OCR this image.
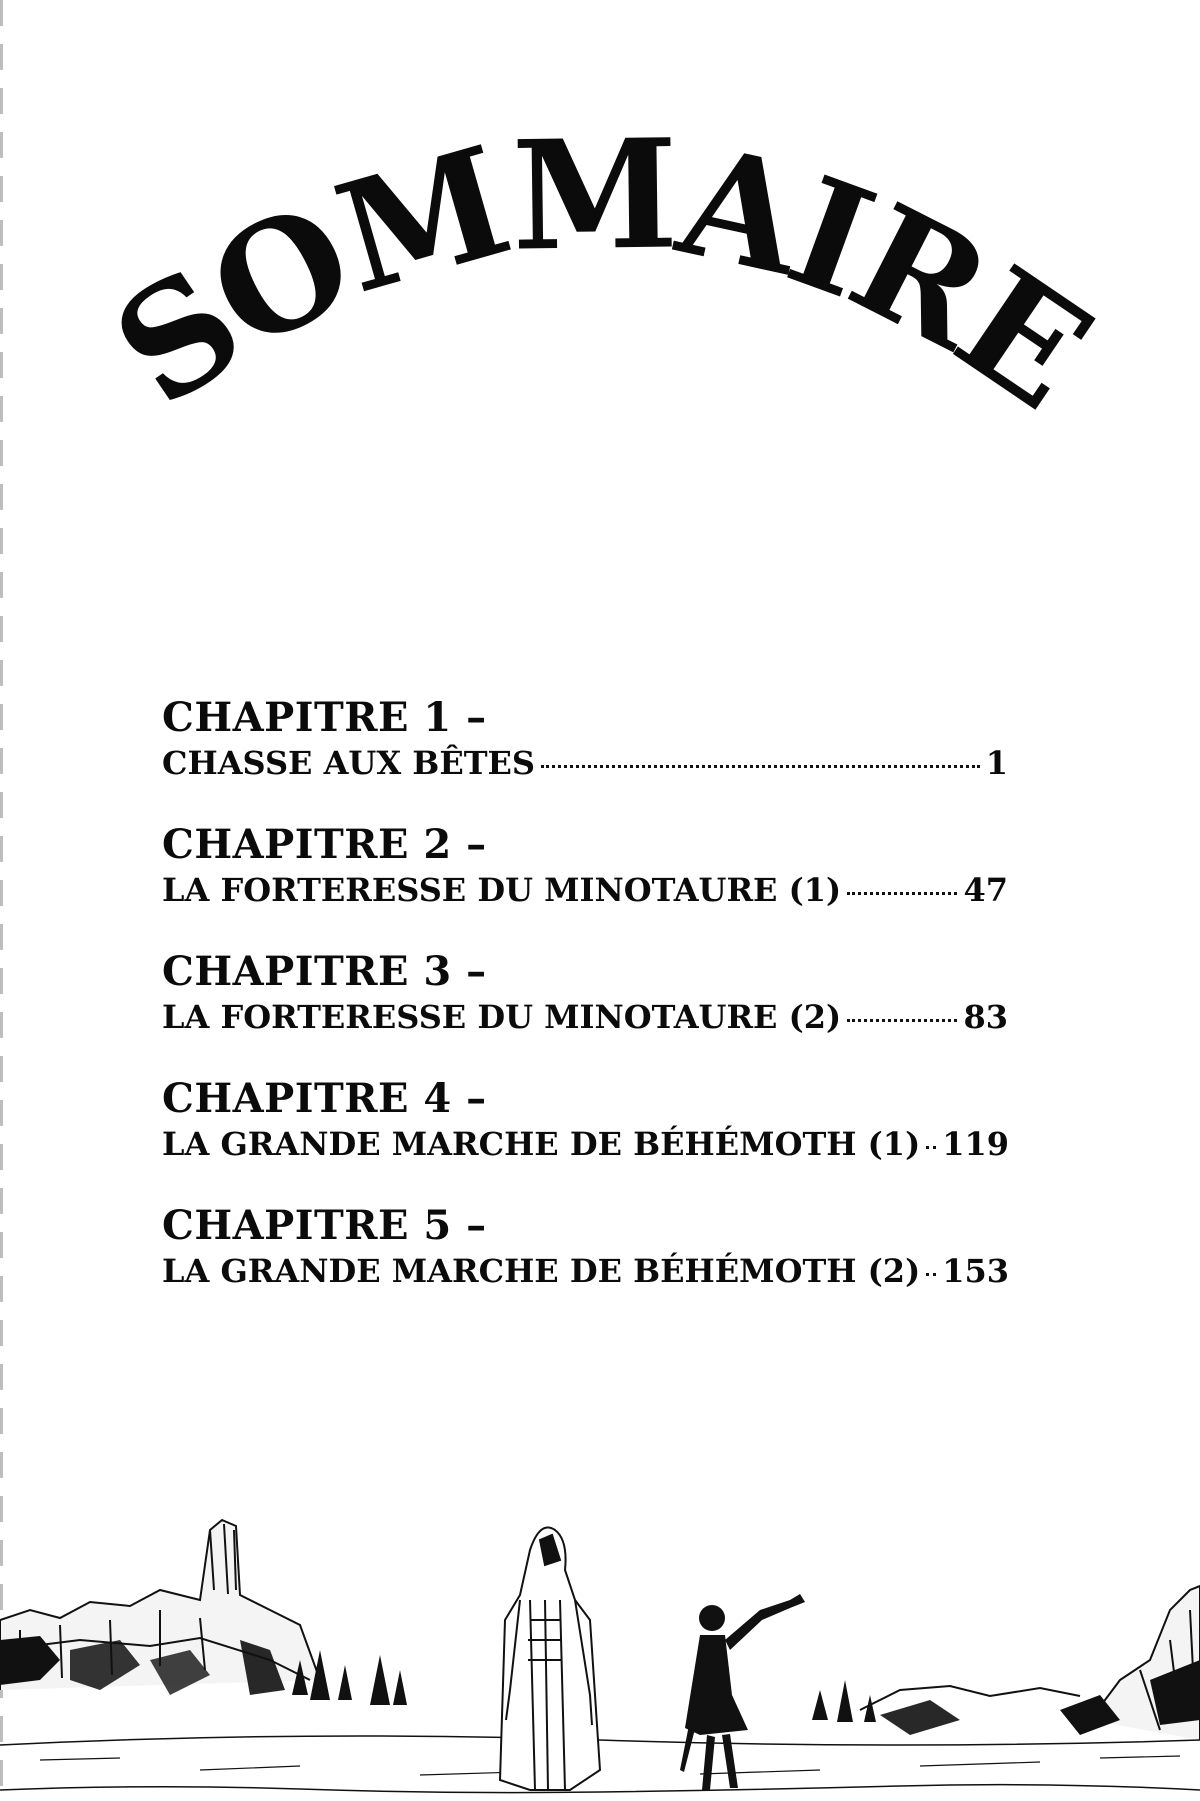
SOMMAIRE
CHAPITRE 1 –
CHASSE AUX BÊTES	1
CHAPITRE 2 –
LA FORTERESSE DU MINOTAURE (1)	47
CHAPITRE 3 –
LA FORTERESSE DU MINOTAURE (2)	83
CHAPITRE 4 –
LA GRANDE MARCHE DE BÉHÉMOTH (1) 119
CHAPITRE 5 –
LA GRANDE MARCHE DE BÉHÉMOTH (2) 153
